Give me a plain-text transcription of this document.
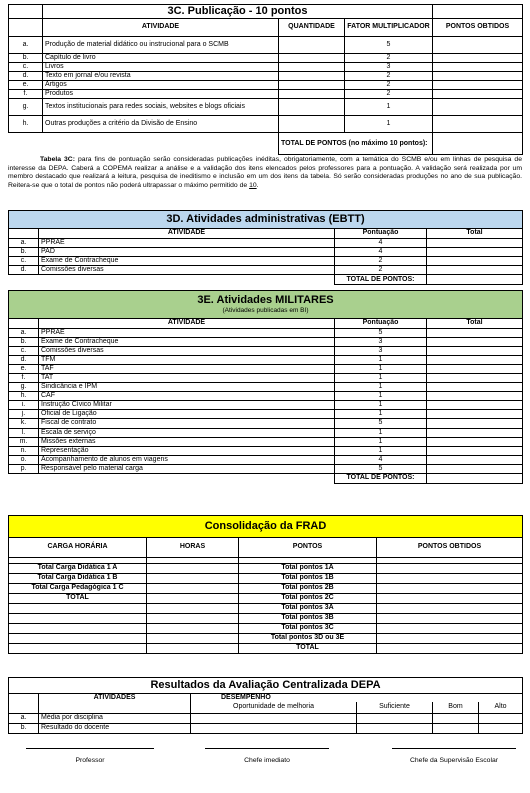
	3C. Publicação - 10 pontos			
	ATIVIDADE	QUANTIDADE	FATOR MULTIPLICADOR	PONTOS OBTIDOS
a.	Produção de material didático ou instrucional para o SCMB		5	
b.	Capítulo de livro		2	
c.	Livros		3	
d.	Texto em jornal e/ou revista		2	
e.	Artigos		2	
f.	Produtos		2	
g.	Textos institucionais para redes sociais, websites e blogs oficiais		1	
h.	Outras produções a critério da Divisão de Ensino		1	
		TOTAL DE PONTOS (no máximo 10 pontos):		

Tabela 3C: para fins de pontuação serão consideradas publicações inéditas, obrigatoriamente, com a temática do SCMB e/ou em linhas de pesquisa de interesse da DEPA. Caberá a COPEMA realizar a análise e a validação dos itens elencados pelos professores para a pontuação. A validação será realizada por um membro destacado que realizará a leitura, pesquisa de ineditismo e inclusão em um dos itens da tabela. Só serão consideradas produções no ano de sua publicação. Reitera-se que o total de pontos não poderá ultrapassar o máximo permitido de 10.

3D. Atividades administrativas (EBTT)			
	ATIVIDADE	Pontuação	Total
a.	PPRAE	4	
b.	PAD	4	
c.	Exame de Contracheque	2	
d.	Comissões diversas	2	
		TOTAL DE PONTOS:	
3E. Atividades MILITARES
(Atividades publicadas em BI)			

	ATIVIDADE	Pontuação	Total
a.	PPRAE	5	
b.	Exame de Contracheque	3	
c.	Comissões diversas	3	
d.	TFM	1	
e.	TAF	1	
f.	TAT	1	
g.	Sindicância e IPM	1	
h.	CAF	1	
i.	Instrução Cívico Militar	1	
j.	Oficial de Ligação	1	
k.	Fiscal de contrato	5	
l.	Escala de serviço	1	
m.	Missões externas	1	
n.	Representação	1	
o.	Acompanhamento de alunos em viagens	4	
p.	Responsável pelo material carga	5	
		TOTAL DE PONTOS:	
Consolidação da FRAD			
CARGA HORÁRIA	HORAS	PONTOS	PONTOS OBTIDOS

Total Carga Didática 1 A		Total pontos 1A	
Total Carga Didática 1 B		Total pontos 1B	
Total Carga Pedagógica 1 C		Total pontos 2B	
TOTAL		Total pontos 2C	
		Total pontos 3A	
		Total pontos 3B	
		Total pontos 3C	
		Total pontos 3D ou 3E	
		TOTAL	
Resultados da Avaliação Centralizada DEPA					
	ATIVIDADES	DESEMPENHO			
		Oportunidade de melhoria	Suficiente	Bom	Alto
a.	Média por disciplina				
b.	Resultado do docente				
Professor	Chefe imediato	Chefe da Supervisão Escolar
